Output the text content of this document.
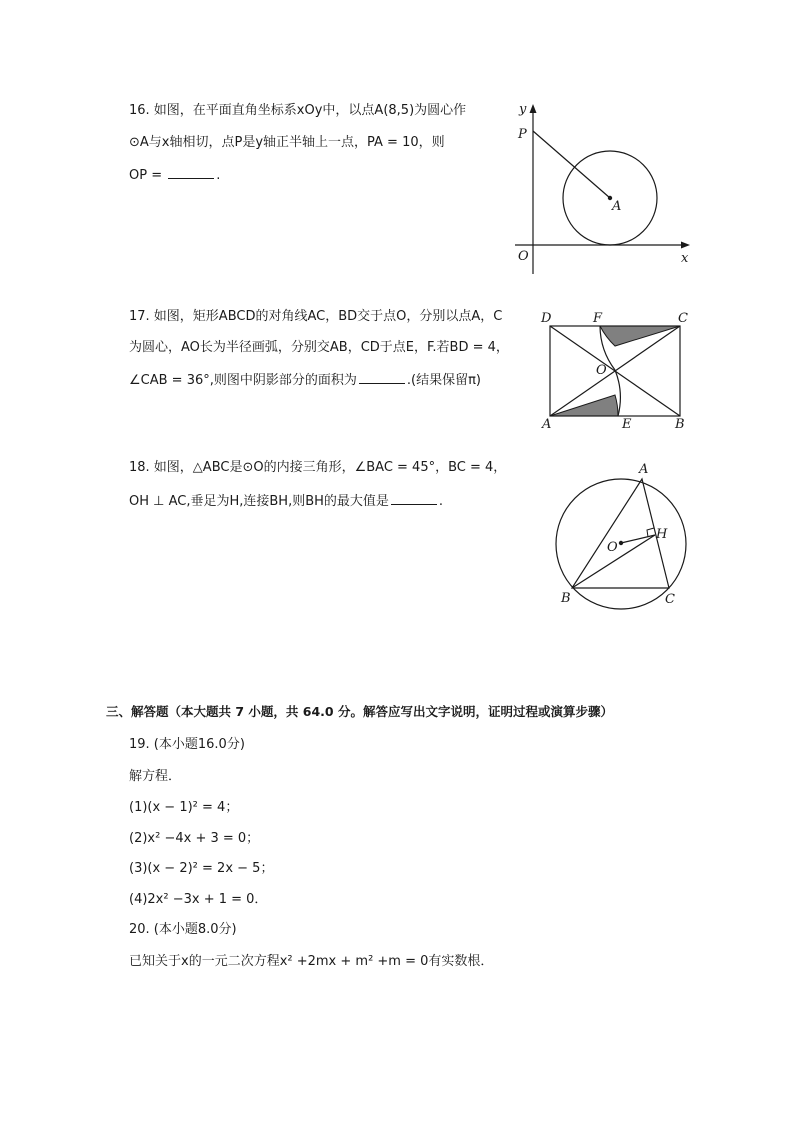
16. 如图，在平面直角坐标系xOy中，以点A(8,5)为圆心作
⊙A与x轴相切，点P是y轴正半轴上一点，PA = 10，则
OP =	.
y
P
A
O	x
17. 如图，矩形ABCD的对角线AC，BD交于点O，分别以点A，C
为圆心，AO长为半径画弧，分别交AB，CD于点E，F.若BD = 4，
∠CAB = 36°,则图中阴影部分的面积为	.(结果保留π)
D	F	C
O
A	E	B
18. 如图，△ABC是⊙O的内接三角形，∠BAC = 45°，BC = 4，
OH ⊥ AC,垂足为H,连接BH,则BH的最大值是	.
A
O
H
B	C
三、解答题（本大题共 7 小题，共 64.0 分。解答应写出文字说明，证明过程或演算步骤）
19. (本小题16.0分)
解方程．
(1)(x − 1)² = 4；
(2)x² −4x + 3 = 0；
(3)(x − 2)² = 2x − 5；
(4)2x² −3x + 1 = 0．
20. (本小题8.0分)
已知关于x的一元二次方程x² +2mx + m² +m = 0有实数根．
